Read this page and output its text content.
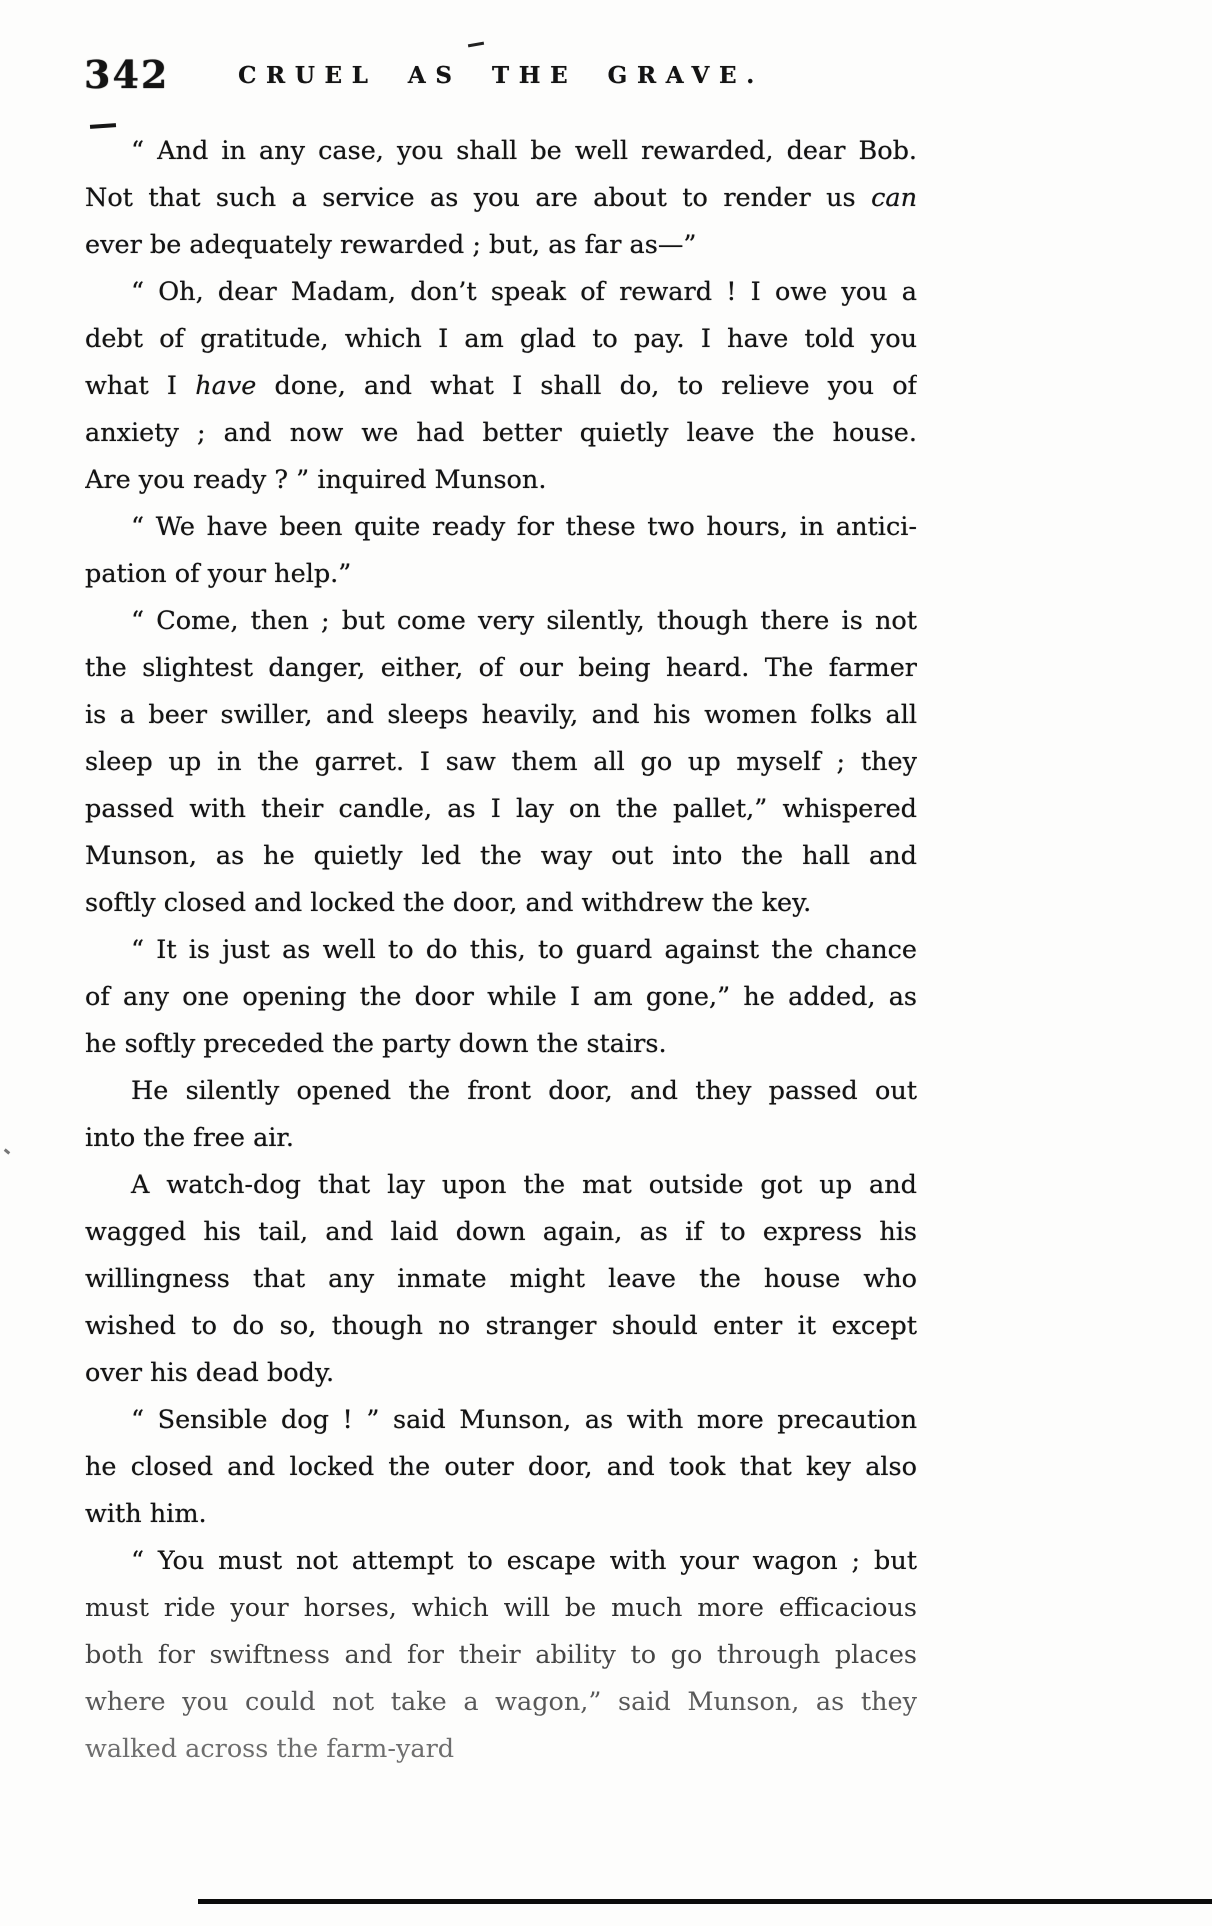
342	CRUEL AS THE GRAVE.
“ And in any case, you shall be well rewarded, dear Bob.
Not that such a service as you are about to render us can
ever be adequately rewarded ; but, as far as—”
“ Oh, dear Madam, don’t speak of reward ! I owe you a
debt of gratitude, which I am glad to pay. I have told you
what I have done, and what I shall do, to relieve you of
anxiety ; and now we had better quietly leave the house.
Are you ready ? ” inquired Munson.
“ We have been quite ready for these two hours, in antici-
pation of your help.”
“ Come, then ; but come very silently, though there is not
the slightest danger, either, of our being heard. The farmer
is a beer swiller, and sleeps heavily, and his women folks all
sleep up in the garret. I saw them all go up myself ; they
passed with their candle, as I lay on the pallet,” whispered
Munson, as he quietly led the way out into the hall and
softly closed and locked the door, and withdrew the key.
“ It is just as well to do this, to guard against the chance
of any one opening the door while I am gone,” he added, as
he softly preceded the party down the stairs.
He silently opened the front door, and they passed out
into the free air.
A watch-dog that lay upon the mat outside got up and
wagged his tail, and laid down again, as if to express his
willingness that any inmate might leave the house who
wished to do so, though no stranger should enter it except
over his dead body.
“ Sensible dog ! ” said Munson, as with more precaution
he closed and locked the outer door, and took that key also
with him.
“ You must not attempt to escape with your wagon ; but
must ride your horses, which will be much more efficacious
both for swiftness and for their ability to go through places
where you could not take a wagon,” said Munson, as they
walked across the farm-yard
